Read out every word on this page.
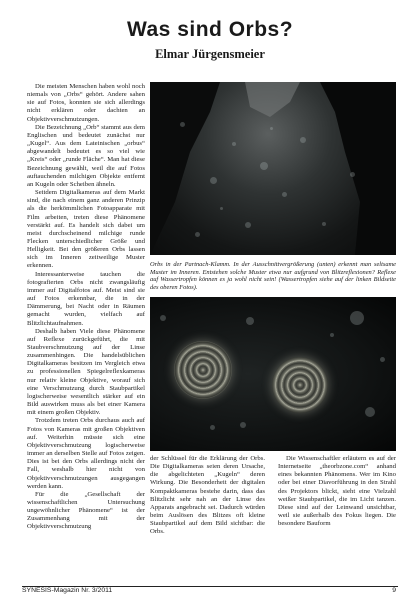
Was sind Orbs?
Elmar Jürgensmeier

Die meisten Menschen haben wohl noch niemals von „Orbs“ gehört. Andere sahen sie auf Fotos, konnten sie sich allerdings nicht erklären oder dachten an Objektivverschmutzungen.

Die Bezeichnung „Orb“ stammt aus dem Englischen und bedeutet zunächst nur „Kugel“. Aus dem Lateinischen „orbus“ abgewandelt bedeutet es so viel wie „Kreis“ oder „runde Fläche“. Man hat diese Bezeichnung gewählt, weil die auf Fotos auftauchenden milchigen Objekte entfernt an Kugeln oder Scheiben ähneln.

Seitdem Digitalkameras auf dem Markt sind, die nach einem ganz anderen Prinzip als die herkömmlichen Fotoapparate mit Film arbeiten, treten diese Phänomene verstärkt auf. Es handelt sich dabei um meist durchscheinend milchige runde Flecken unterschiedlicher Größe und Helligkeit. Bei den größeren Orbs lassen sich im Inneren zeitweilige Muster erkennen.

Interessanterweise tauchen die fotografierten Orbs nicht zwangsläufig immer auf Digitalfotos auf. Meist sind sie auf Fotos erkennbar, die in der Dämmerung, bei Nacht oder in Räumen gemacht wurden, vielfach auf Blitzlichtaufnahmen.

Deshalb haben Viele diese Phänomene auf Reflexe zurückgeführt, die mit Staubverschmutzung auf der Linse zusammenhingen. Die handelsüblichen Digitalkameras besitzen im Vergleich etwa zu professionellen Spiegelreflexkameras nur relativ kleine Objektive, worauf sich eine Verschmutzung durch Staubpartikel logischerweise wesentlich stärker auf ein Bild auswirken muss als bei einer Kamera mit einem großen Objektiv.

Trotzdem treten Orbs durchaus auch auf Fotos von Kameras mit großen Objektiven auf. Weiterhin müsste sich eine Objektivverschmutzung logischerweise immer an derselben Stelle auf Fotos zeigen. Dies ist bei den Orbs allerdings nicht der Fall, weshalb hier nicht von Objektivverschmutzungen ausgegangen werden kann.

Für die „Gesellschaft der wissenschaftlichen Untersuchung ungewöhnlicher Phänomene“ ist der Zusammenhang mit der Objektivverschmutzung

Orbs in der Partnach-Klamm. In der Ausschnittvergrößerung (unten) erkennt man seltsame Muster im Inneren. Entstehen solche Muster etwa nur aufgrund von Blitzreflexionen? Reflexe auf Wassertropfen können es ja wohl nicht sein! (Wassertropfen siehe auf der linken Bildseite des oberen Fotos).

der Schlüssel für die Erklärung der Orbs. Die Digitalkameras seien deren Ursache, die abgelichteten „Kugeln“ deren Wirkung. Die Besonderheit der digitalen Kompaktkameras bestehe darin, dass das Blitzlicht sehr nah an der Linse des Apparats angebracht sei. Dadurch würden beim Auslösen des Blitzes oft kleine Staubpartikel auf dem Bild sichtbar: die Orbs.

Die Wissenschaftler erläutern es auf der Internetseite „theorbzone.com“ anhand eines bekannten Phänomens. Wer im Kino oder bei einer Diavorführung in den Strahl des Projektors blickt, sieht eine Vielzahl weißer Staubpartikel, die im Licht tanzen. Diese sind auf der Leinwand unsichtbar, weil sie außerhalb des Fokus liegen. Die besondere Bauform

SYNESIS-Magazin Nr. 3/2011	9
